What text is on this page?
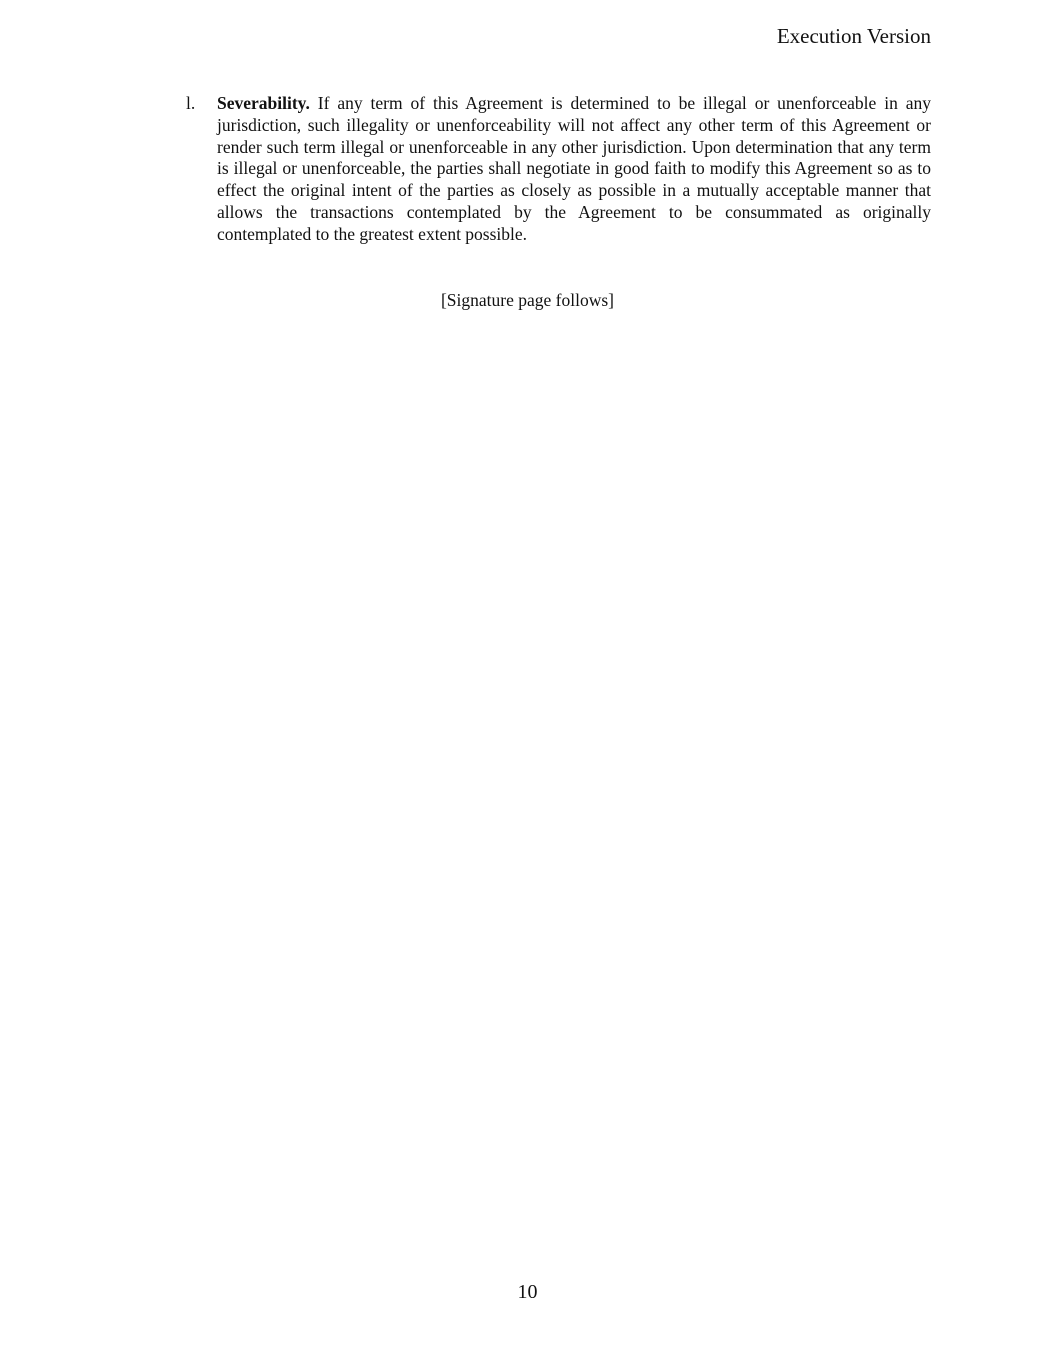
Execution Version
l. Severability. If any term of this Agreement is determined to be illegal or unenforceable in any jurisdiction, such illegality or unenforceability will not affect any other term of this Agreement or render such term illegal or unenforceable in any other jurisdiction. Upon determination that any term is illegal or unenforceable, the parties shall negotiate in good faith to modify this Agreement so as to effect the original intent of the parties as closely as possible in a mutually acceptable manner that allows the transactions contemplated by the Agreement to be consummated as originally contemplated to the greatest extent possible.
[Signature page follows]
10
